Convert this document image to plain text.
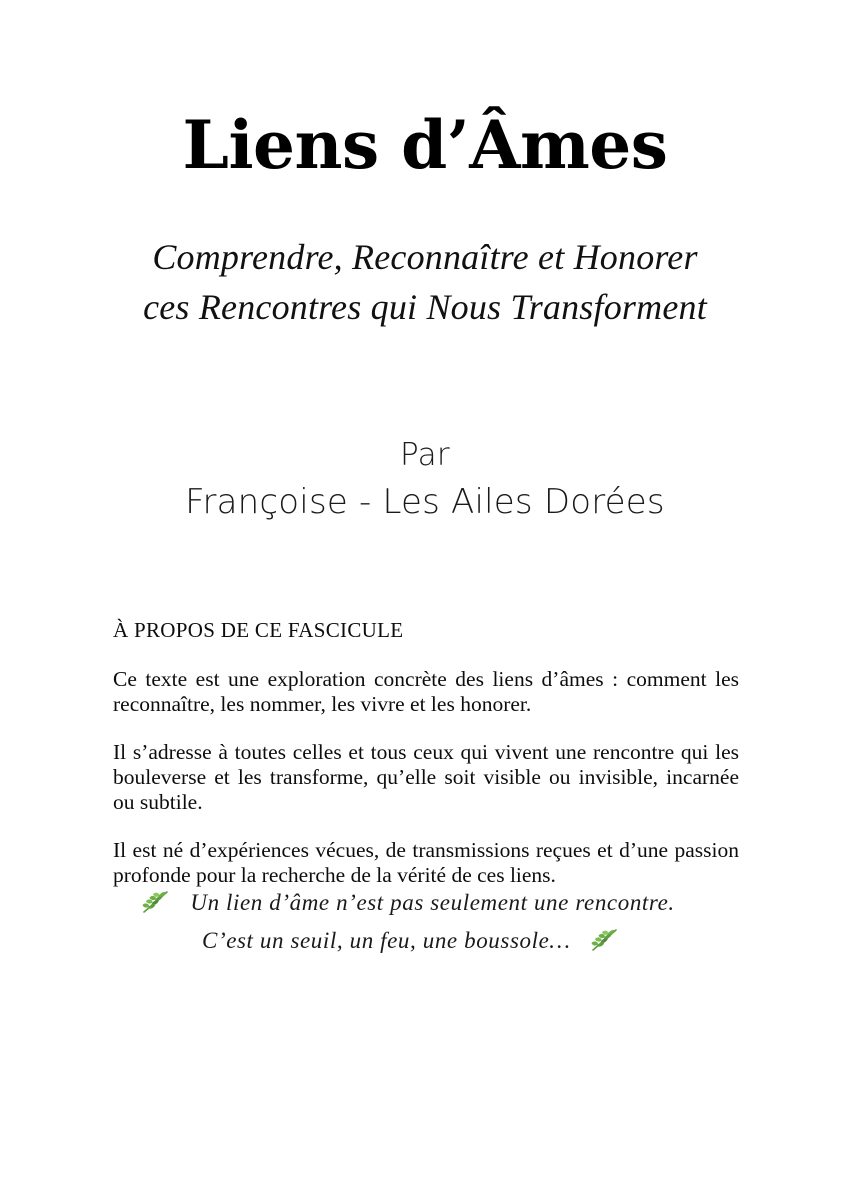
Liens d’Âmes

Comprendre, Reconnaître et Honorer

ces Rencontres qui Nous Transforment

Par

Françoise - Les Ailes Dorées

À PROPOS DE CE FASCICULE

Ce texte est une exploration concrète des liens d’âmes : comment les reconnaître, les nommer, les vivre et les honorer.

Il s’adresse à toutes celles et tous ceux qui vivent une rencontre qui les bouleverse et les transforme, qu’elle soit visible ou invisible, incarnée ou subtile.

Il est né d’expériences vécues, de transmissions reçues et d’une passion profonde pour la recherche de la vérité de ces liens.

Un lien d’âme n’est pas seulement une rencontre.

C’est un seuil, un feu, une boussole…
